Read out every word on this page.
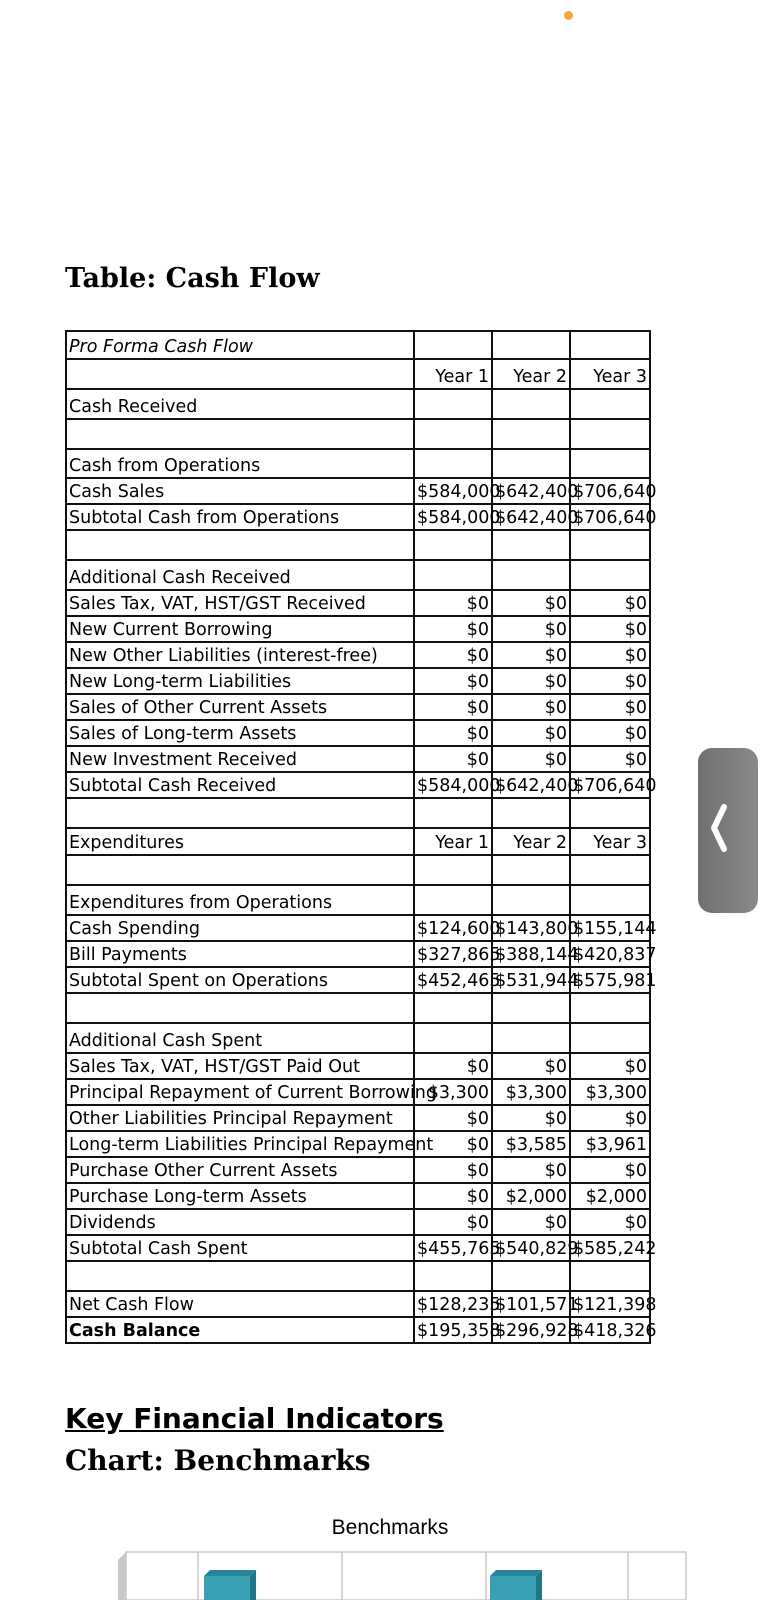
Table: Cash Flow
Pro Forma Cash Flow			
	Year 1	Year 2	Year 3
Cash Received			

Cash from Operations			
Cash Sales	$584,000	$642,400	$706,640
Subtotal Cash from Operations	$584,000	$642,400	$706,640

Additional Cash Received			
Sales Tax, VAT, HST/GST Received	$0	$0	$0
New Current Borrowing	$0	$0	$0
New Other Liabilities (interest-free)	$0	$0	$0
New Long-term Liabilities	$0	$0	$0
Sales of Other Current Assets	$0	$0	$0
Sales of Long-term Assets	$0	$0	$0
New Investment Received	$0	$0	$0
Subtotal Cash Received	$584,000	$642,400	$706,640

Expenditures	Year 1	Year 2	Year 3

Expenditures from Operations			
Cash Spending	$124,600	$143,800	$155,144
Bill Payments	$327,865	$388,144	$420,837
Subtotal Spent on Operations	$452,465	$531,944	$575,981

Additional Cash Spent			
Sales Tax, VAT, HST/GST Paid Out	$0	$0	$0
Principal Repayment of Current Borrowing	$3,300	$3,300	$3,300
Other Liabilities Principal Repayment	$0	$0	$0
Long-term Liabilities Principal Repayment	$0	$3,585	$3,961
Purchase Other Current Assets	$0	$0	$0
Purchase Long-term Assets	$0	$2,000	$2,000
Dividends	$0	$0	$0
Subtotal Cash Spent	$455,765	$540,829	$585,242

Net Cash Flow	$128,235	$101,571	$121,398
Cash Balance	$195,358	$296,928	$418,326
Key Financial Indicators
Chart: Benchmarks
Benchmarks
